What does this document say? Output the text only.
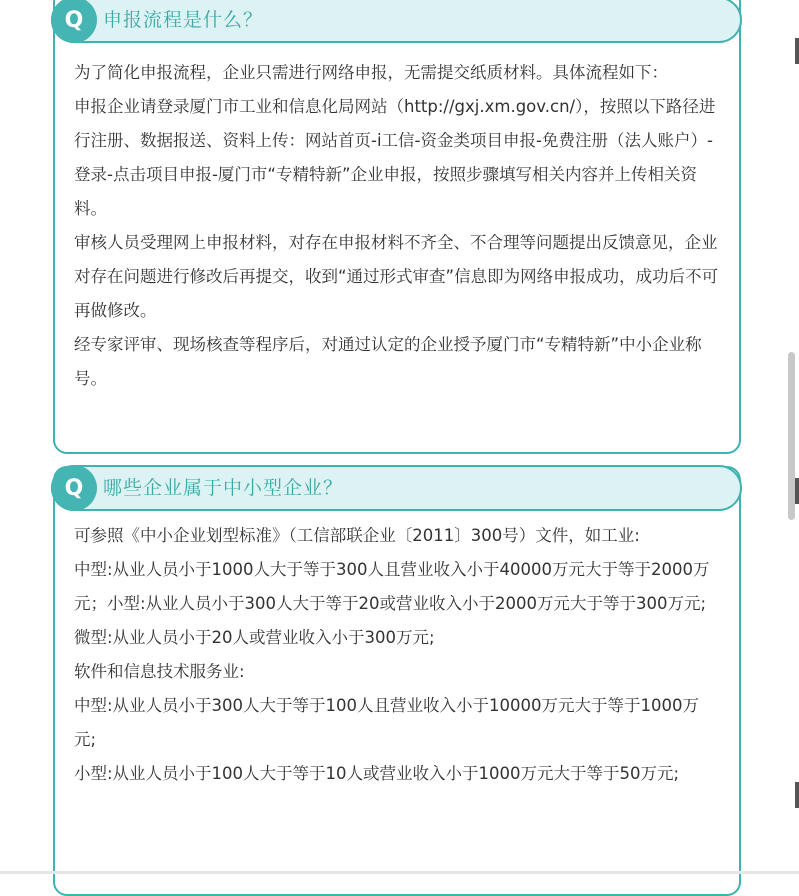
Q	申报流程是什么？

为了简化申报流程，企业只需进行网络申报，无需提交纸质材料。具体流程如下：

申报企业请登录厦门市工业和信息化局网站（http://gxj.xm.gov.cn/），按照以下路径进行注册、数据报送、资料上传：网站首页-i工信-资金类项目申报-免费注册（法人账户）-登录-点击项目申报-厦门市“专精特新”企业申报，按照步骤填写相关内容并上传相关资料。

审核人员受理网上申报材料，对存在申报材料不齐全、不合理等问题提出反馈意见，企业对存在问题进行修改后再提交，收到“通过形式审查”信息即为网络申报成功，成功后不可再做修改。

经专家评审、现场核查等程序后，对通过认定的企业授予厦门市“专精特新”中小企业称号。

Q	哪些企业属于中小型企业？

可参照《中小企业划型标准》（工信部联企业〔2011〕300号）文件，如工业:

中型:从业人员小于1000人大于等于300人且营业收入小于40000万元大于等于2000万元；小型:从业人员小于300人大于等于20或营业收入小于2000万元大于等于300万元;

微型:从业人员小于20人或营业收入小于300万元;

软件和信息技术服务业:

中型:从业人员小于300人大于等于100人且营业收入小于10000万元大于等于1000万元;

小型:从业人员小于100人大于等于10人或营业收入小于1000万元大于等于50万元;
